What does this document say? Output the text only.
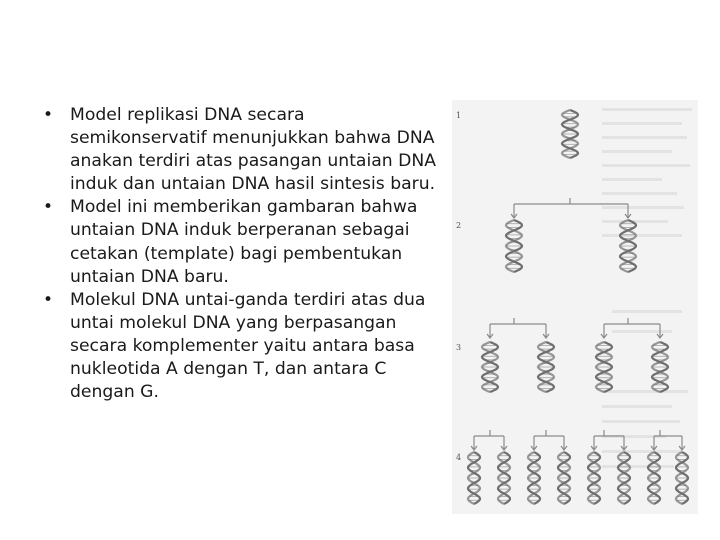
• Model replikasi DNA secara semikonservatif menunjukkan bahwa DNA anakan terdiri atas pasangan untaian DNA induk dan untaian DNA hasil sintesis baru.
• Model ini memberikan gambaran bahwa untaian DNA induk berperanan sebagai cetakan (template) bagi pembentukan untaian DNA baru.
• Molekul DNA untai-ganda terdiri atas dua untai molekul DNA yang berpasangan secara komplementer yaitu antara basa nukleotida A dengan T, dan antara C dengan G.
1
2
3
4
